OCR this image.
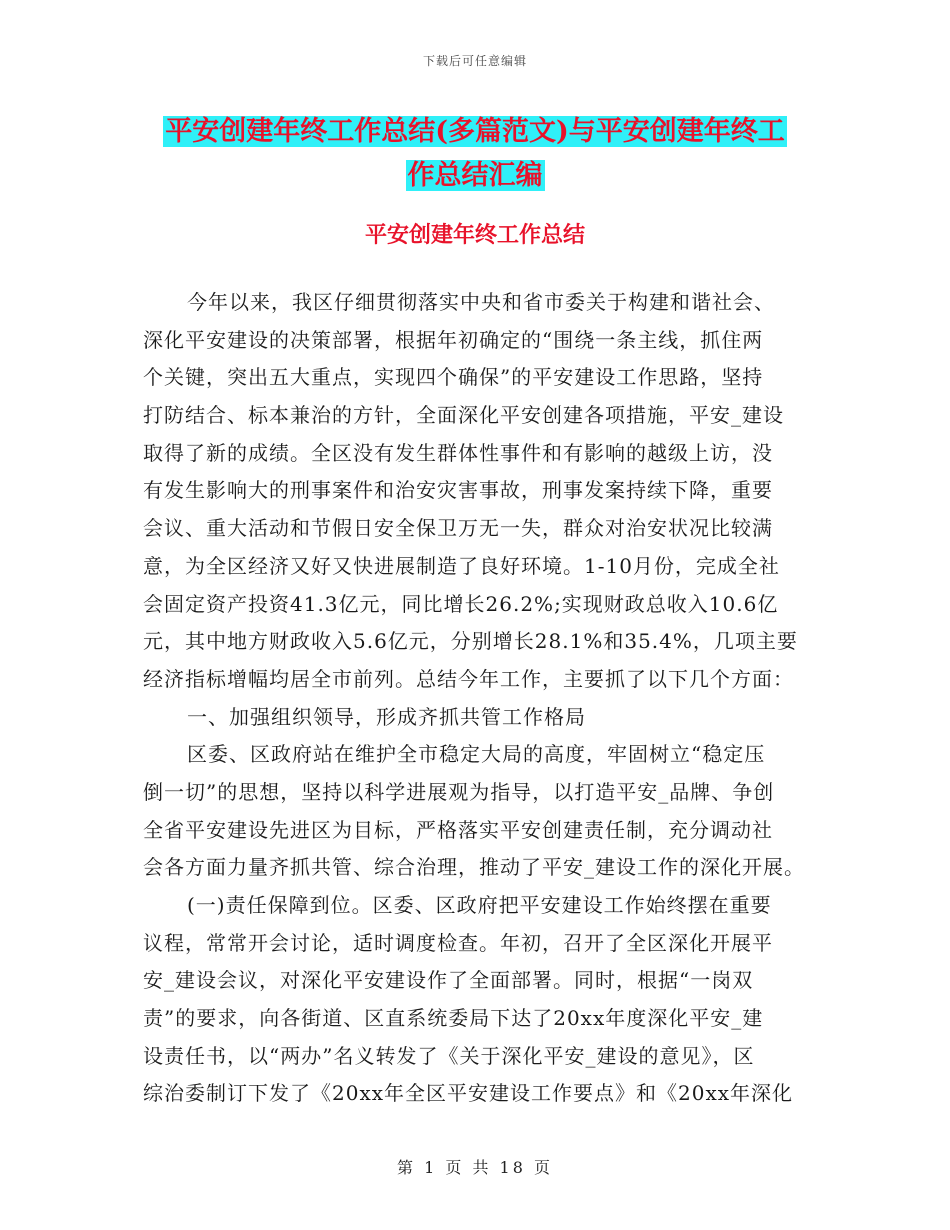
下载后可任意编辑
平安创建年终工作总结(多篇范文)与平安创建年终工
作总结汇编
平安创建年终工作总结
今年以来，我区仔细贯彻落实中央和省市委关于构建和谐社会、
深化平安建设的决策部署，根据年初确定的“围绕一条主线，抓住两
个关键，突出五大重点，实现四个确保”的平安建设工作思路，坚持
打防结合、标本兼治的方针，全面深化平安创建各项措施，平安_建设
取得了新的成绩。全区没有发生群体性事件和有影响的越级上访，没
有发生影响大的刑事案件和治安灾害事故，刑事发案持续下降，重要
会议、重大活动和节假日安全保卫万无一失，群众对治安状况比较满
意，为全区经济又好又快进展制造了良好环境。1-10月份，完成全社
会固定资产投资41.3亿元，同比增长26.2%;实现财政总收入10.6亿
元，其中地方财政收入5.6亿元，分别增长28.1%和35.4%，几项主要
经济指标增幅均居全市前列。总结今年工作，主要抓了以下几个方面：
一、加强组织领导，形成齐抓共管工作格局
区委、区政府站在维护全市稳定大局的高度，牢固树立“稳定压
倒一切”的思想，坚持以科学进展观为指导，以打造平安_品牌、争创
全省平安建设先进区为目标，严格落实平安创建责任制，充分调动社
会各方面力量齐抓共管、综合治理，推动了平安_建设工作的深化开展。
(一)责任保障到位。区委、区政府把平安建设工作始终摆在重要
议程，常常开会讨论，适时调度检查。年初，召开了全区深化开展平
安_建设会议，对深化平安建设作了全面部署。同时，根据“一岗双
责”的要求，向各街道、区直系统委局下达了20xx年度深化平安_建
设责任书，以“两办”名义转发了《关于深化平安_建设的意见》，区
综治委制订下发了《20xx年全区平安建设工作要点》和《20xx年深化
第 1 页 共 18 页
